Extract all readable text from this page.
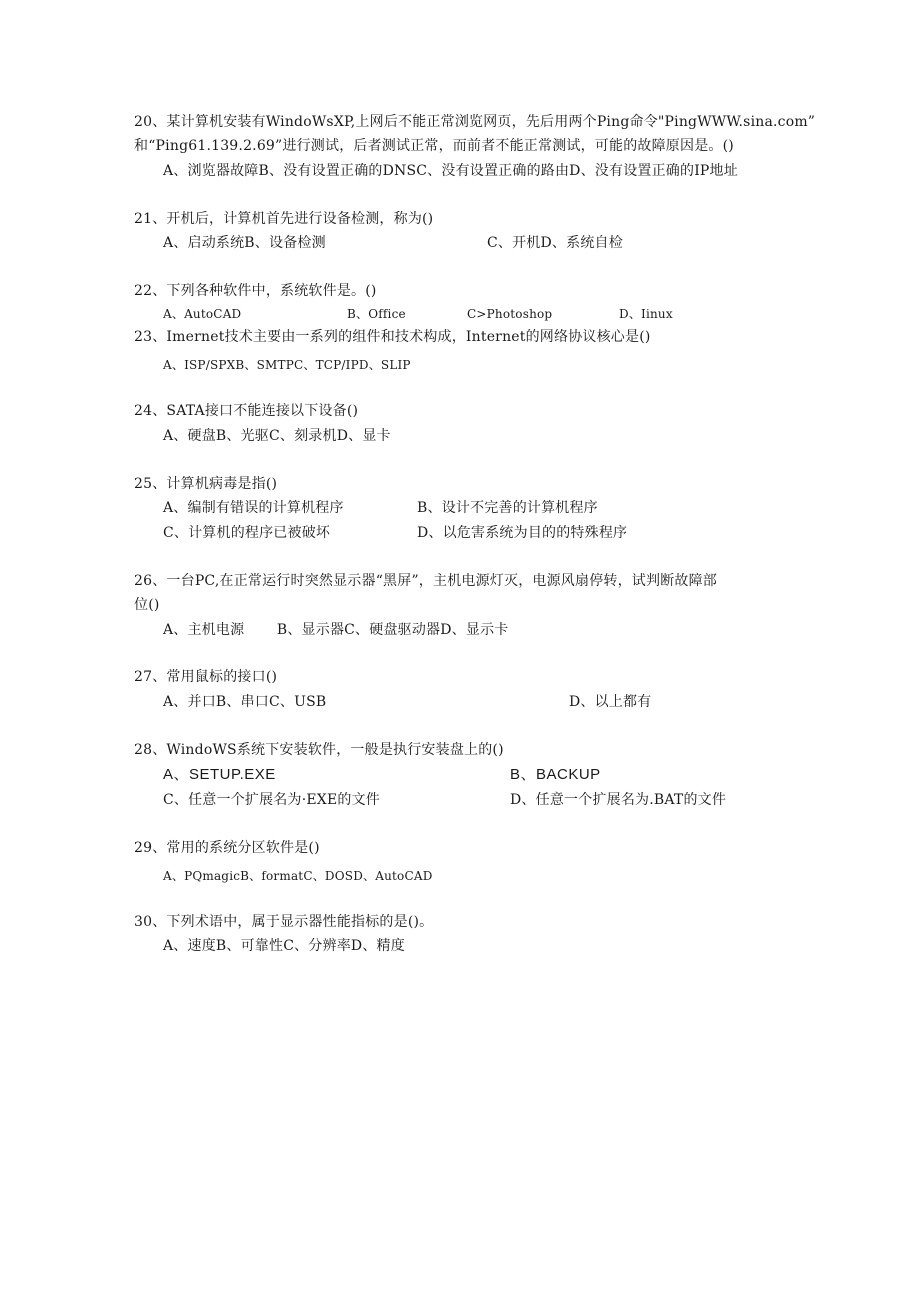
20、某计算机安装有WindoWsXP,上网后不能正常浏览网页，先后用两个Ping命令"PingWWW.sina.com”
和“Ping61.139.2.69”进行测试，后者测试正常，而前者不能正常测试，可能的故障原因是。()
A、浏览器故障B、没有设置正确的DNSC、没有设置正确的路由D、没有设置正确的IP地址
21、开机后，计算机首先进行设备检测，称为()
A、启动系统B、设备检测	C、开机D、系统自检
22、下列各种软件中，系统软件是。()
A、AutoCAD	B、Office	C>Photoshop	D、Iinux
23、Imernet技术主要由一系列的组件和技术构成，Internet的网络协议核心是()
A、ISP/SPXB、SMTPC、TCP/IPD、SLIP
24、SATA接口不能连接以下设备()
A、硬盘B、光驱C、刻录机D、显卡
25、计算机病毒是指()
A、编制有错误的计算机程序	B、设计不完善的计算机程序
C、计算机的程序已被破坏	D、以危害系统为目的的特殊程序
26、一台PC,在正常运行时突然显示器“黑屏”，主机电源灯灭，电源风扇停转，试判断故障部
位()
A、主机电源       B、显示器C、硬盘驱动器D、显示卡
27、常用鼠标的接口()
A、并口B、串口C、USB	D、以上都有
28、WindoWS系统下安装软件，一般是执行安装盘上的()
A、SETUP.EXE	B、BACKUP
C、任意一个扩展名为·EXE的文件	D、任意一个扩展名为.BAT的文件
29、常用的系统分区软件是()
A、PQmagicB、formatC、DOSD、AutoCAD
30、下列术语中，属于显示器性能指标的是()。
A、速度B、可靠性C、分辨率D、精度
